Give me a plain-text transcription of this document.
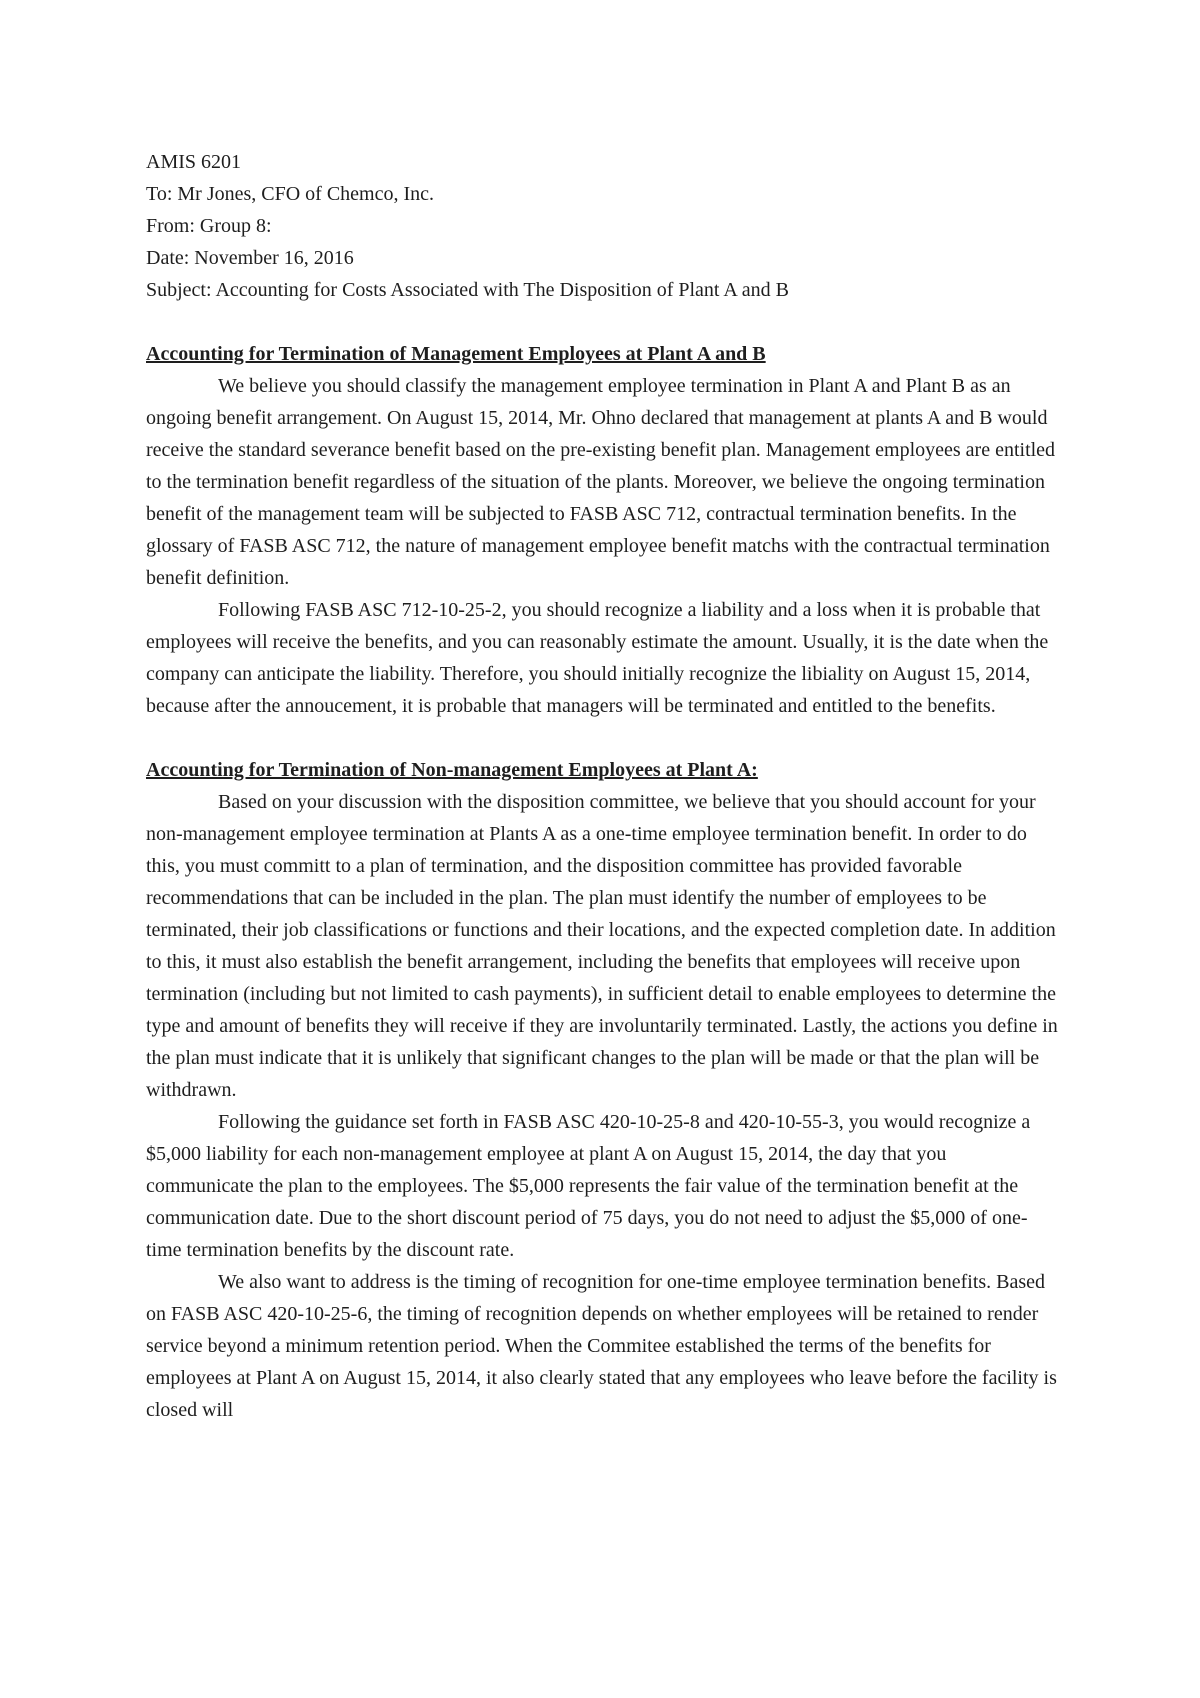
AMIS 6201

To: Mr Jones, CFO of Chemco, Inc.

From: Group 8:

Date: November 16, 2016

Subject: Accounting for Costs Associated with The Disposition of Plant A and B

Accounting for Termination of Management Employees at Plant A and B

We believe you should classify the management employee termination in Plant A and Plant B as an ongoing benefit arrangement. On August 15, 2014, Mr. Ohno declared that management at plants A and B would receive the standard severance benefit based on the pre-existing benefit plan. Management employees are entitled to the termination benefit regardless of the situation of the plants. Moreover, we believe the ongoing termination benefit of the management team will be subjected to FASB ASC 712, contractual termination benefits. In the glossary of FASB ASC 712, the nature of management employee benefit matchs with the contractual termination benefit definition.

Following FASB ASC 712-10-25-2, you should recognize a liability and a loss when it is probable that employees will receive the benefits, and you can reasonably estimate the amount. Usually, it is the date when the company can anticipate the liability. Therefore, you should initially recognize the libiality on August 15, 2014, because after the annoucement, it is probable that managers will be terminated and entitled to the benefits.

Accounting for Termination of Non-management Employees at Plant A:

Based on your discussion with the disposition committee, we believe that you should account for your non-management employee termination at Plants A as a one-time employee termination benefit. In order to do this, you must committ to a plan of termination, and the disposition committee has provided favorable recommendations that can be included in the plan. The plan must identify the number of employees to be terminated, their job classifications or functions and their locations, and the expected completion date. In addition to this, it must also establish the benefit arrangement, including the benefits that employees will receive upon termination (including but not limited to cash payments), in sufficient detail to enable employees to determine the type and amount of benefits they will receive if they are involuntarily terminated. Lastly, the actions you define in the plan must indicate that it is unlikely that significant changes to the plan will be made or that the plan will be withdrawn.

Following the guidance set forth in FASB ASC 420-10-25-8 and 420-10-55-3, you would recognize a $5,000 liability for each non-management employee at plant A on August 15, 2014, the day that you communicate the plan to the employees. The $5,000 represents the fair value of the termination benefit at the communication date. Due to the short discount period of 75 days, you do not need to adjust the $5,000 of one-time termination benefits by the discount rate.

We also want to address is the timing of recognition for one-time employee termination benefits. Based on FASB ASC 420-10-25-6, the timing of recognition depends on whether employees will be retained to render service beyond a minimum retention period. When the Commitee established the terms of the benefits for employees at Plant A on August 15, 2014, it also clearly stated that any employees who leave before the facility is closed will
